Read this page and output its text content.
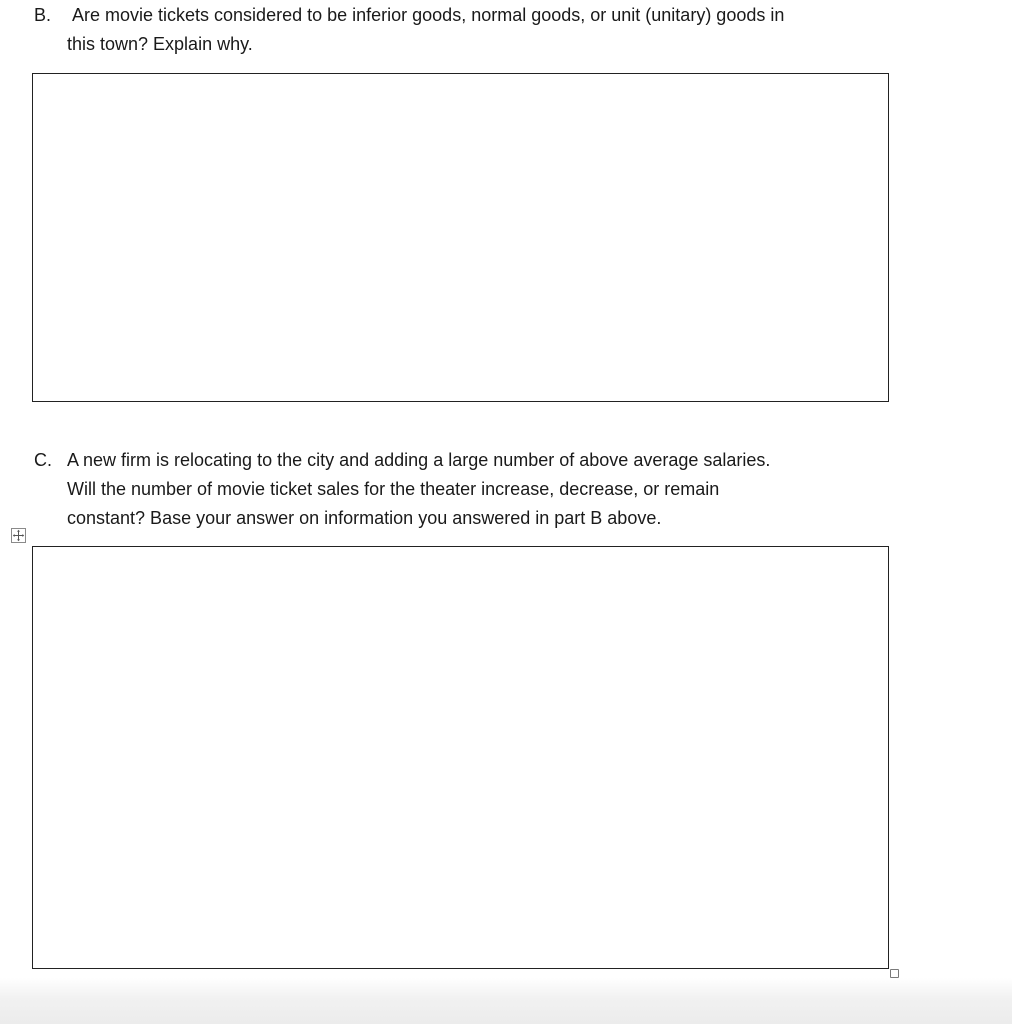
B.	Are movie tickets considered to be inferior goods, normal goods, or unit (unitary) goods in
this town? Explain why.
C. A new firm is relocating to the city and adding a large number of above average salaries.
Will the number of movie ticket sales for the theater increase, decrease, or remain
constant? Base your answer on information you answered in part B above.
